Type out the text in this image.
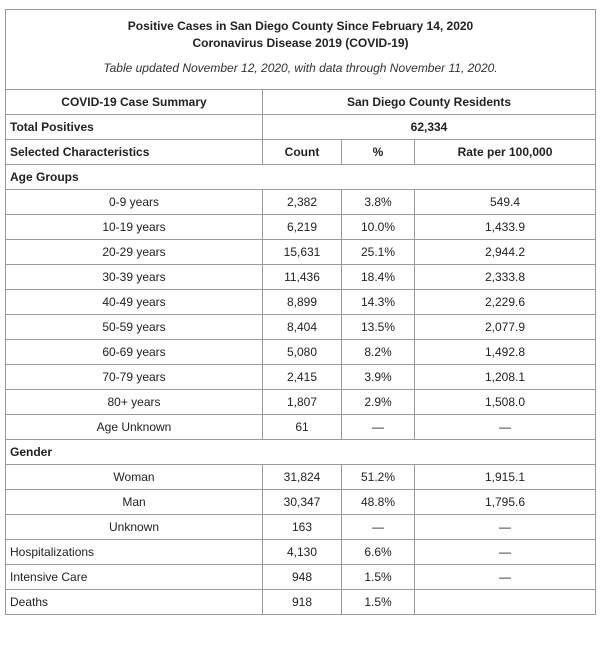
Positive Cases in San Diego County Since February 14, 2020
Coronavirus Disease 2019 (COVID-19)
Table updated November 12, 2020, with data through November 11, 2020.			

COVID-19 Case Summary	San Diego County Residents		
Total Positives	62,334		
Selected Characteristics	Count	%	Rate per 100,000
Age Groups			
0-9 years	2,382	3.8%	549.4
10-19 years	6,219	10.0%	1,433.9
20-29 years	15,631	25.1%	2,944.2
30-39 years	11,436	18.4%	2,333.8
40-49 years	8,899	14.3%	2,229.6
50-59 years	8,404	13.5%	2,077.9
60-69 years	5,080	8.2%	1,492.8
70-79 years	2,415	3.9%	1,208.1
80+ years	1,807	2.9%	1,508.0
Age Unknown	61	—	—
Gender			
Woman	31,824	51.2%	1,915.1
Man	30,347	48.8%	1,795.6
Unknown	163	—	—
Hospitalizations	4,130	6.6%	—
Intensive Care	948	1.5%	—
Deaths	918	1.5%	
